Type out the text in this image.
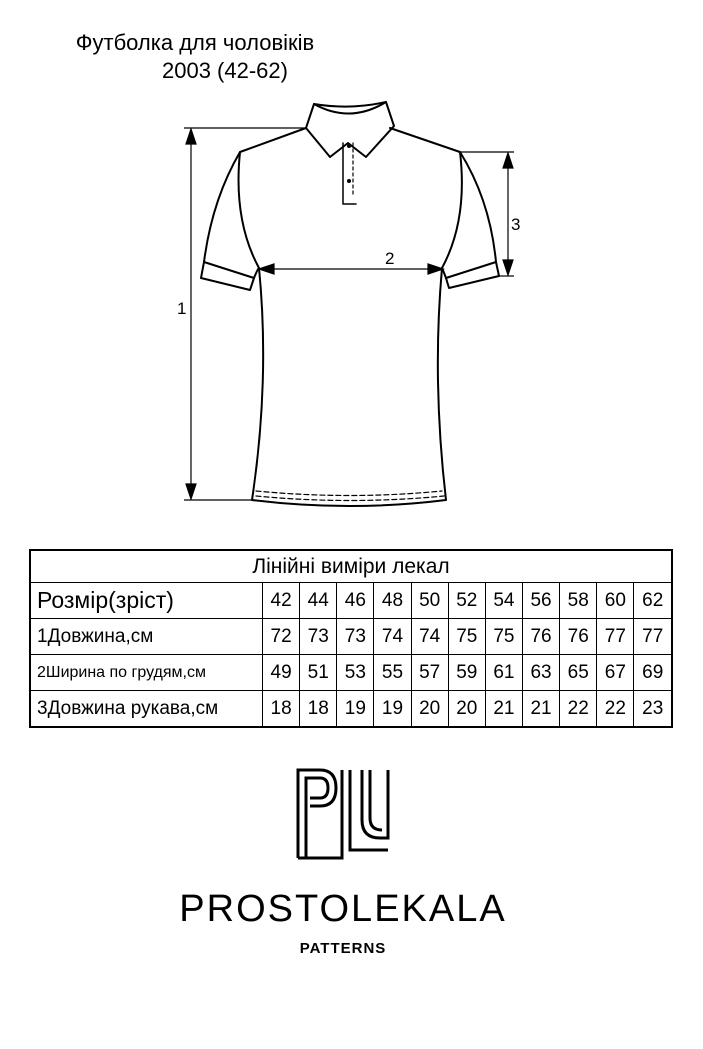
Футболка для чоловіків
2003 (42-62)
1
2
3
Лінійні виміри лекал											
Розмір(зріст)	42	44	46	48	50	52	54	56	58	60	62
1Довжина,см	72	73	73	74	74	75	75	76	76	77	77
2Ширина по грудям,см	49	51	53	55	57	59	61	63	65	67	69
3Довжина рукава,см	18	18	19	19	20	20	21	21	22	22	23
PROSTOLEKALA
PATTERNS
